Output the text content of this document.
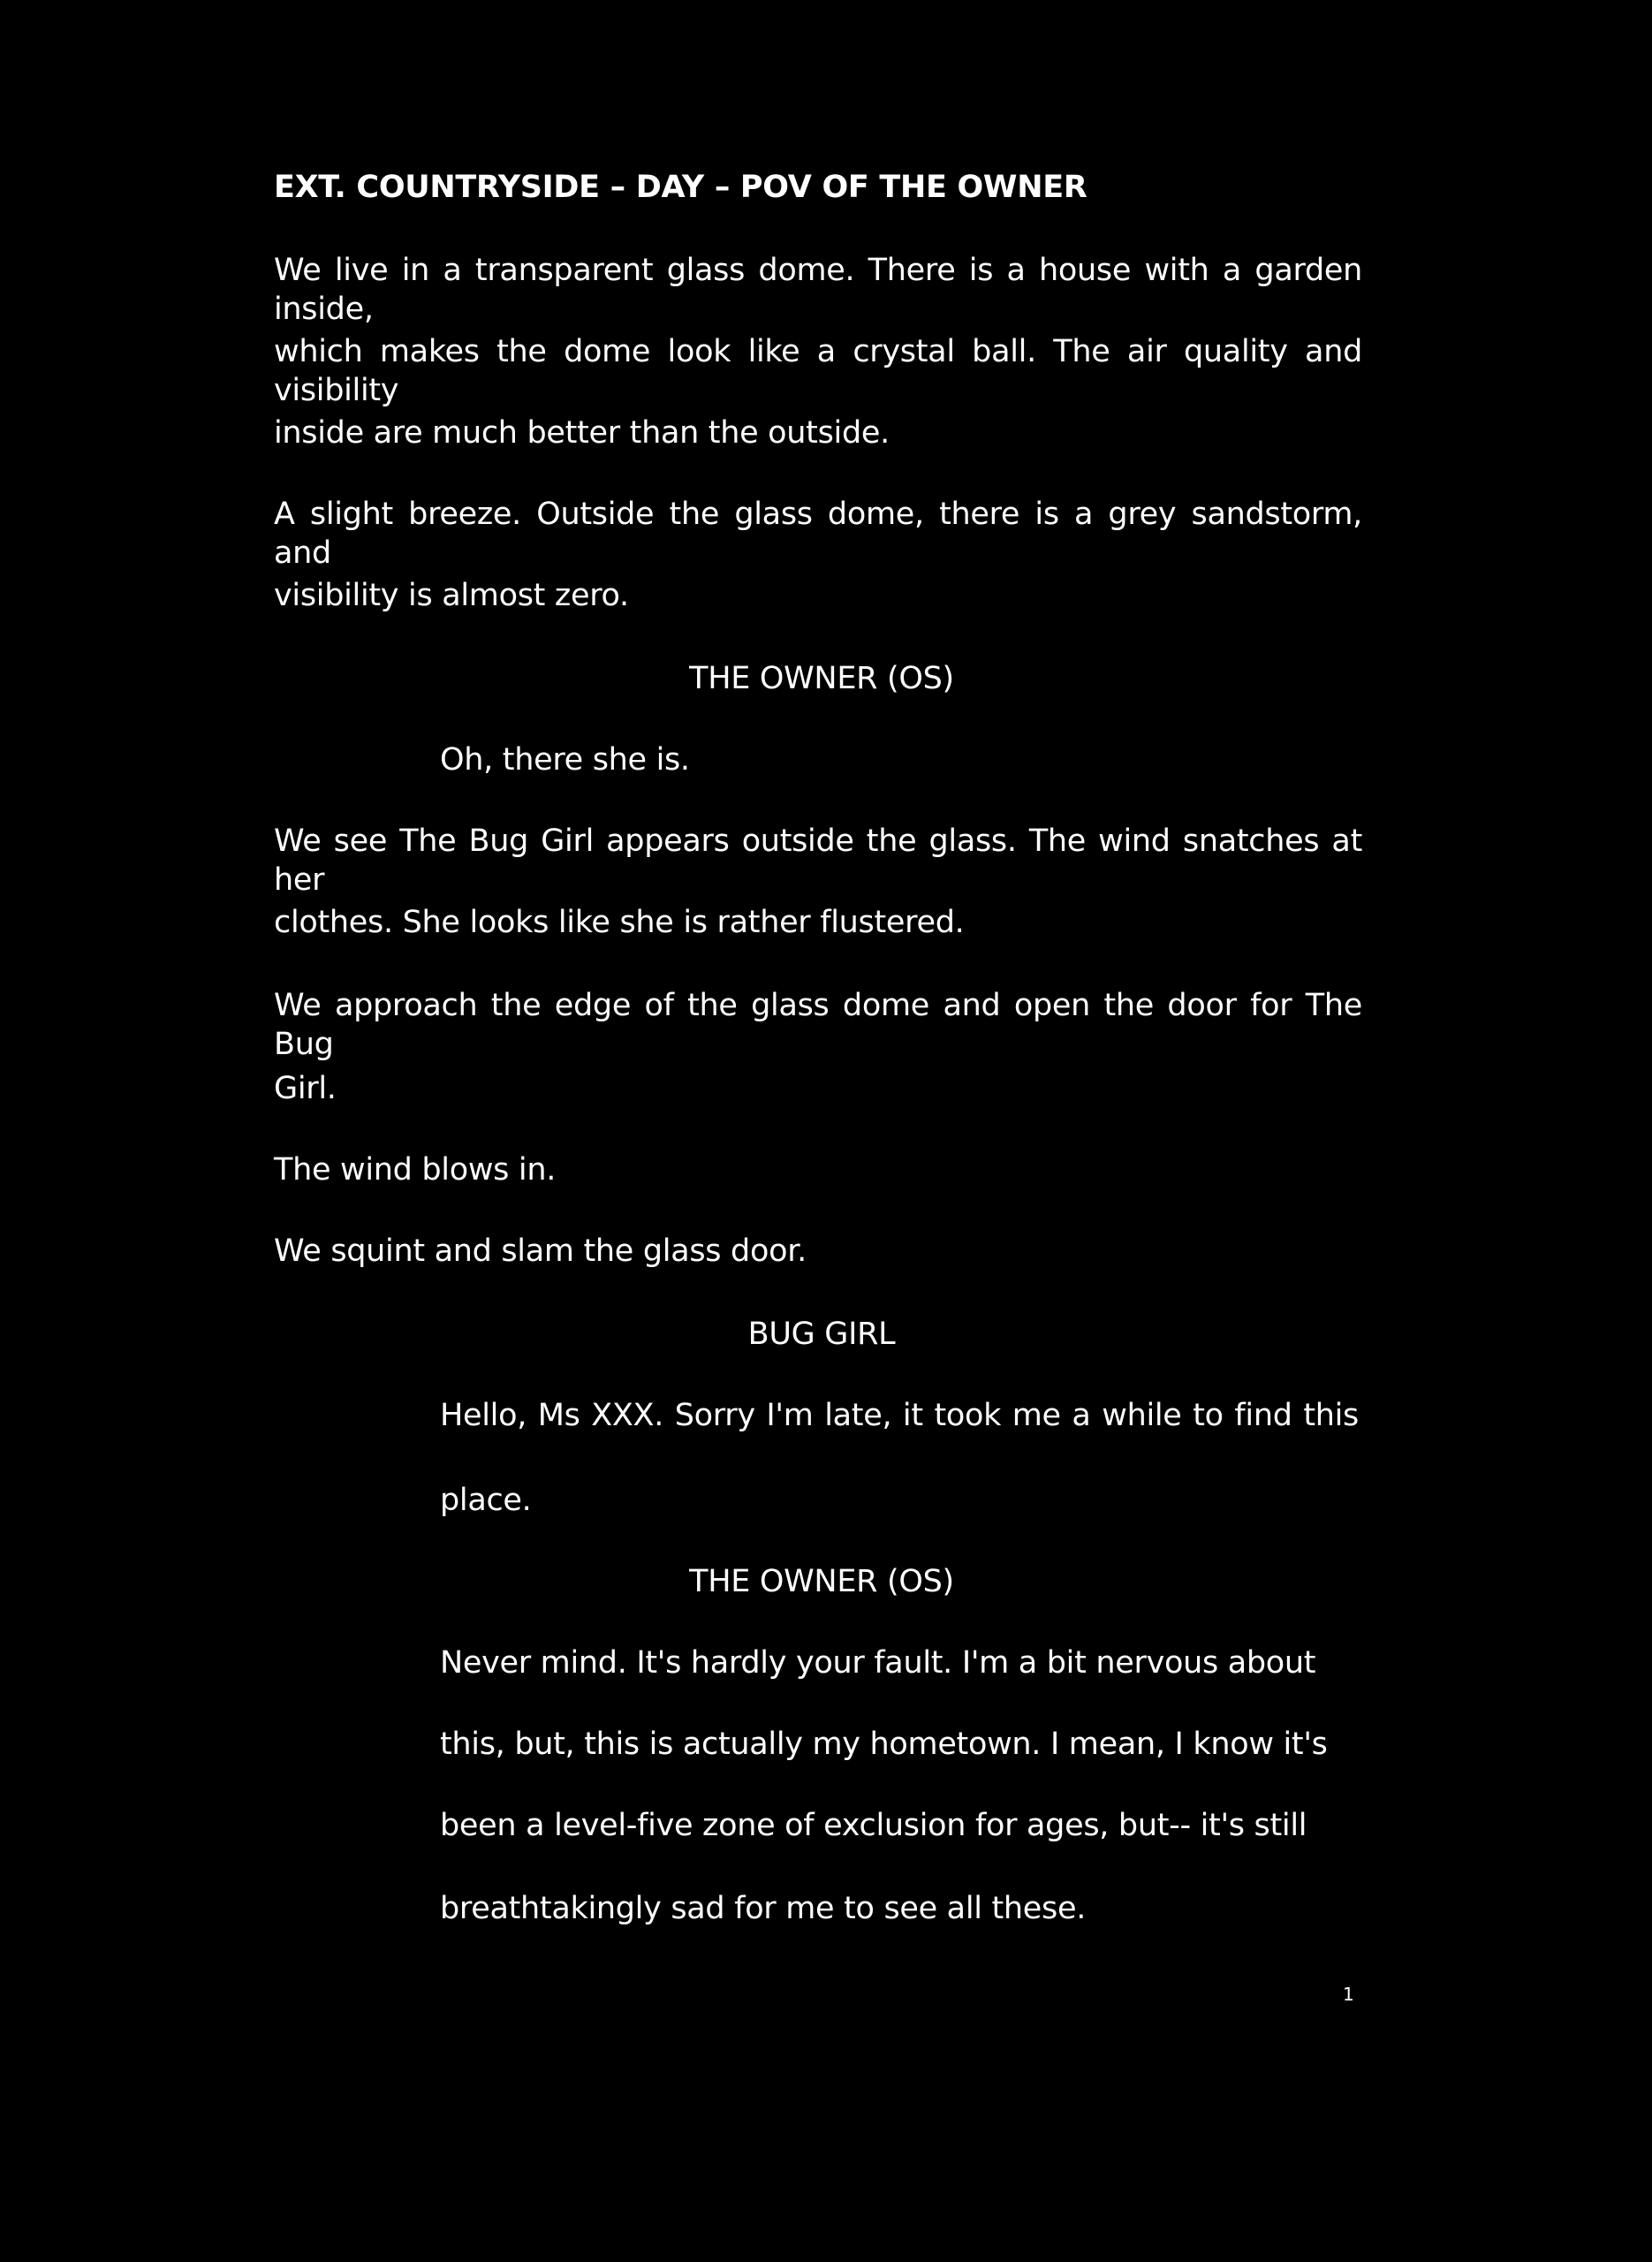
EXT. COUNTRYSIDE – DAY – POV OF THE OWNER
We live in a transparent glass dome. There is a house with a garden inside,
which makes the dome look like a crystal ball. The air quality and visibility
inside are much better than the outside.
A slight breeze. Outside the glass dome, there is a grey sandstorm, and
visibility is almost zero.
THE OWNER (OS)
Oh, there she is.
We see The Bug Girl appears outside the glass. The wind snatches at her
clothes. She looks like she is rather flustered.
We approach the edge of the glass dome and open the door for The Bug
Girl.
The wind blows in.
We squint and slam the glass door.
BUG GIRL
Hello, Ms XXX. Sorry I'm late, it took me a while to find this
place.
THE OWNER (OS)
Never mind. It's hardly your fault. I'm a bit nervous about
this, but, this is actually my hometown. I mean, I know it's
been a level-five zone of exclusion for ages, but-- it's still
breathtakingly sad for me to see all these.
1
